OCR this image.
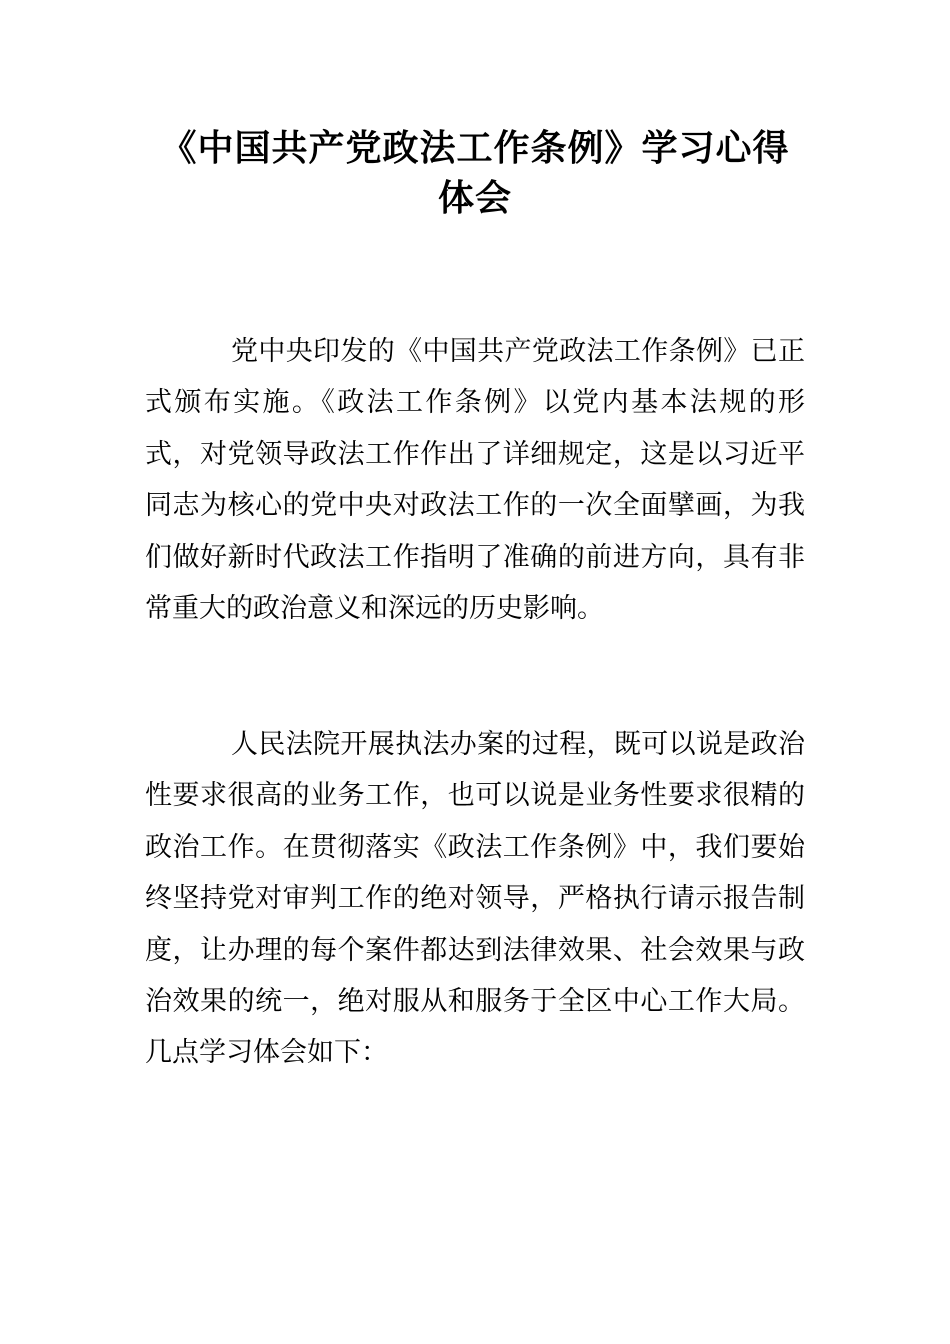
《中国共产党政法工作条例》学习心得体会

党中央印发的《中国共产党政法工作条例》已正式颁布实施。《政法工作条例》以党内基本法规的形式，对党领导政法工作作出了详细规定，这是以习近平同志为核心的党中央对政法工作的一次全面擘画，为我们做好新时代政法工作指明了准确的前进方向，具有非常重大的政治意义和深远的历史影响。

人民法院开展执法办案的过程，既可以说是政治性要求很高的业务工作，也可以说是业务性要求很精的政治工作。在贯彻落实《政法工作条例》中，我们要始终坚持党对审判工作的绝对领导，严格执行请示报告制度，让办理的每个案件都达到法律效果、社会效果与政治效果的统一，绝对服从和服务于全区中心工作大局。几点学习体会如下：
